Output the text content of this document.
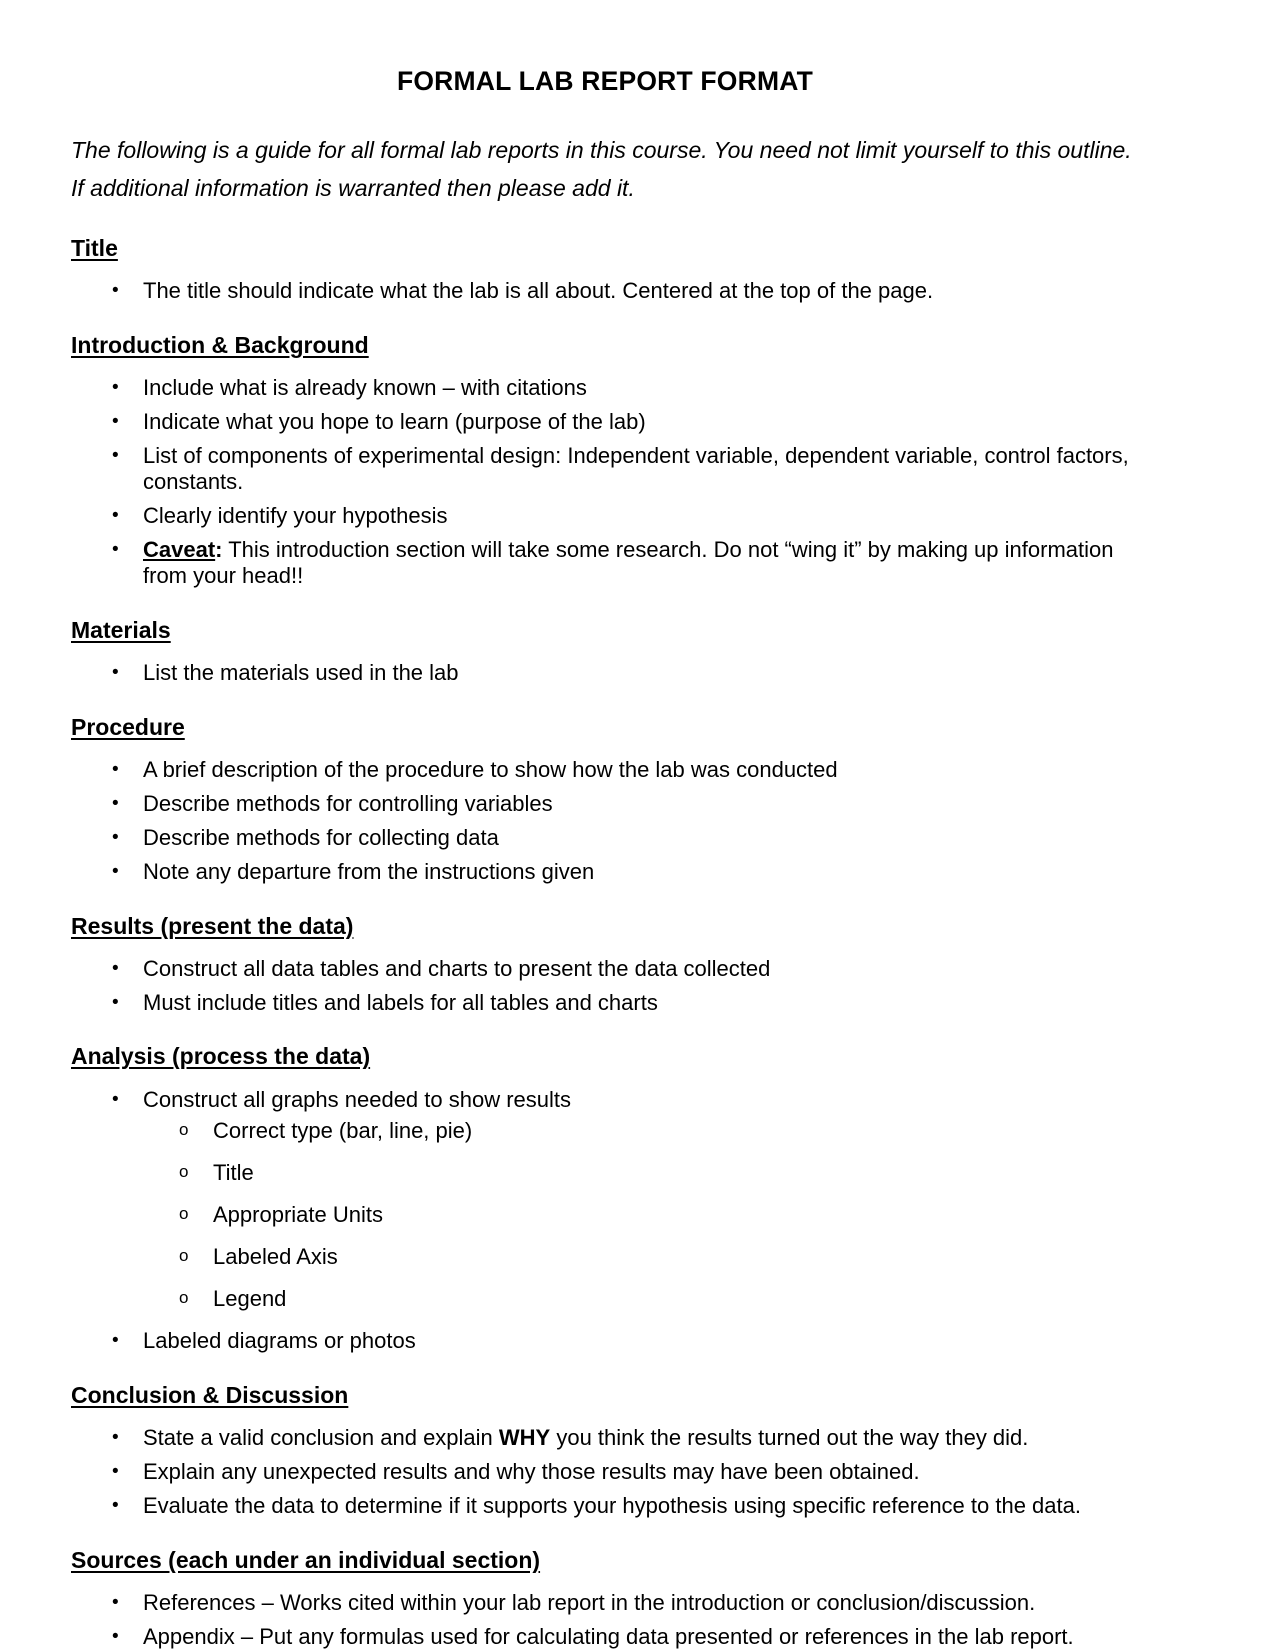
FORMAL LAB REPORT FORMAT

The following is a guide for all formal lab reports in this course. You need not limit yourself to this outline. If additional information is warranted then please add it.

Title
• The title should indicate what the lab is all about. Centered at the top of the page.
Introduction & Background
• Include what is already known – with citations
• Indicate what you hope to learn (purpose of the lab)
• List of components of experimental design: Independent variable, dependent variable, control factors, constants.
• Clearly identify your hypothesis
• Caveat: This introduction section will take some research. Do not “wing it” by making up information from your head!!
Materials
• List the materials used in the lab
Procedure
• A brief description of the procedure to show how the lab was conducted
• Describe methods for controlling variables
• Describe methods for collecting data
• Note any departure from the instructions given
Results (present the data)
• Construct all data tables and charts to present the data collected
• Must include titles and labels for all tables and charts
Analysis (process the data)
• Construct all graphs needed to show results
o Correct type (bar, line, pie)
o Title
o Appropriate Units
o Labeled Axis
o Legend
• Labeled diagrams or photos
Conclusion & Discussion
• State a valid conclusion and explain WHY you think the results turned out the way they did.
• Explain any unexpected results and why those results may have been obtained.
• Evaluate the data to determine if it supports your hypothesis using specific reference to the data.
Sources (each under an individual section)
• References – Works cited within your lab report in the introduction or conclusion/discussion.
• Appendix – Put any formulas used for calculating data presented or references in the lab report.
